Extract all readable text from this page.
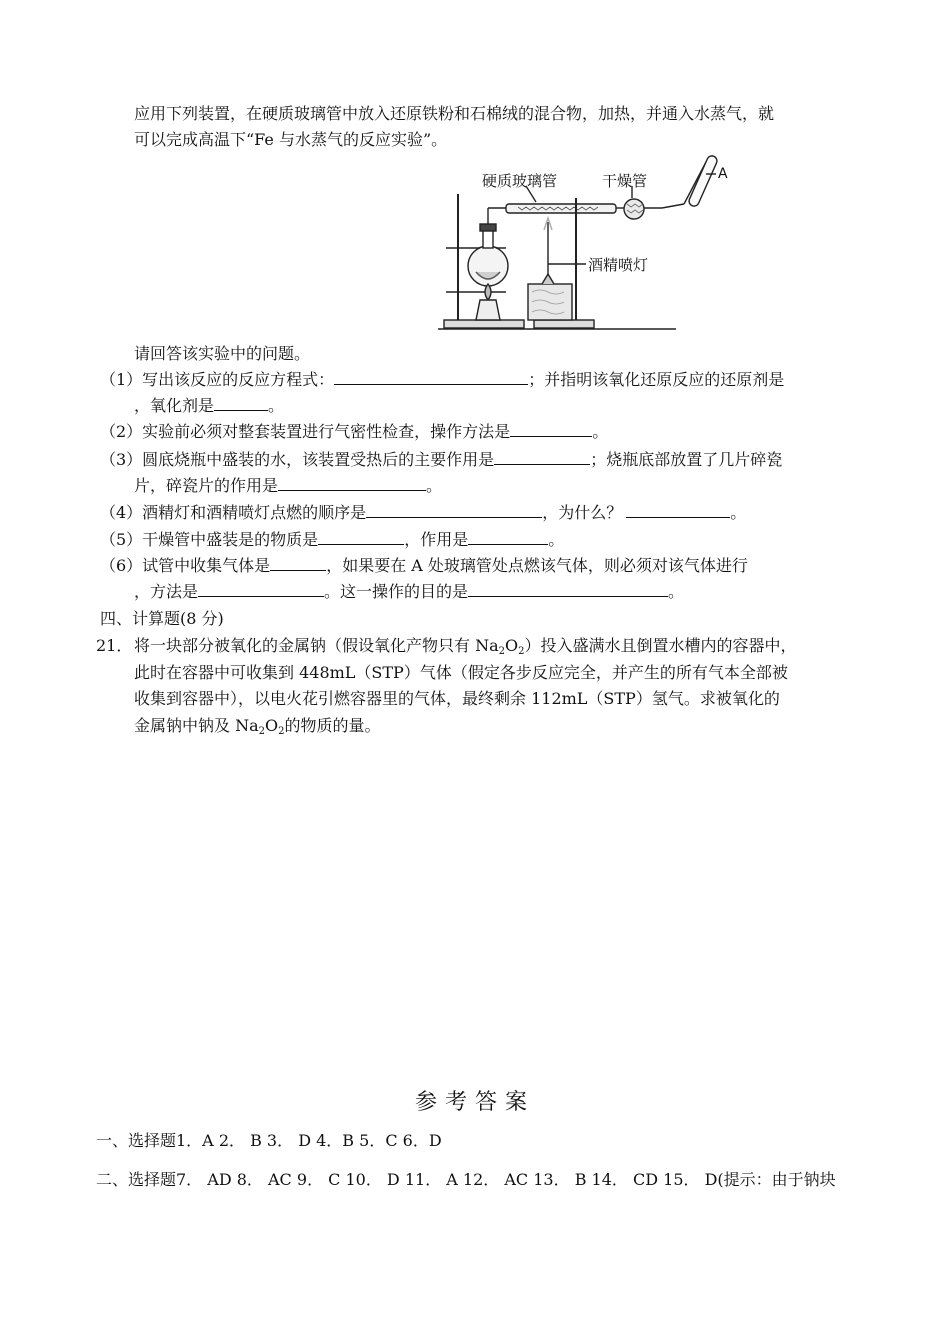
应用下列装置，在硬质玻璃管中放入还原铁粉和石棉绒的混合物，加热，并通入水蒸气，就
可以完成高温下“Fe 与水蒸气的反应实验”。
硬质玻璃管	干燥管	A
酒精喷灯
请回答该实验中的问题。
（1）写出该反应的反应方程式：	；并指明该氧化还原反应的还原剂是
，氧化剂是	。
（2）实验前必须对整套装置进行气密性检查，操作方法是	。
（3）圆底烧瓶中盛装的水，该装置受热后的主要作用是	；烧瓶底部放置了几片碎瓷
片，碎瓷片的作用是	。
（4）酒精灯和酒精喷灯点燃的顺序是	，为什么？	。
（5）干燥管中盛装是的物质是	，作用是	。
（6）试管中收集气体是	，如果要在 A 处玻璃管处点燃该气体，则必须对该气体进行
，方法是	。这一操作的目的是	。
四、计算题(8 分)
21． 将一块部分被氧化的金属钠（假设氧化产物只有 $Na_2O_2$）投入盛满水且倒置水槽内的容器中，
此时在容器中可收集到 448mL（STP）气体（假定各步反应完全，并产生的所有气本全部被
收集到容器中），以电火花引燃容器里的气体，最终剩余 112mL（STP）氢气。求被氧化的
金属钠中钠及 $Na_2O_2$的物质的量。
参考答案
一、选择题1．A 2． B 3． D 4．B 5．C 6．D
二、选择题7． AD 8． AC 9． C 10． D 11． A 12． AC 13． B 14． CD 15． D(提示：由于钠块
